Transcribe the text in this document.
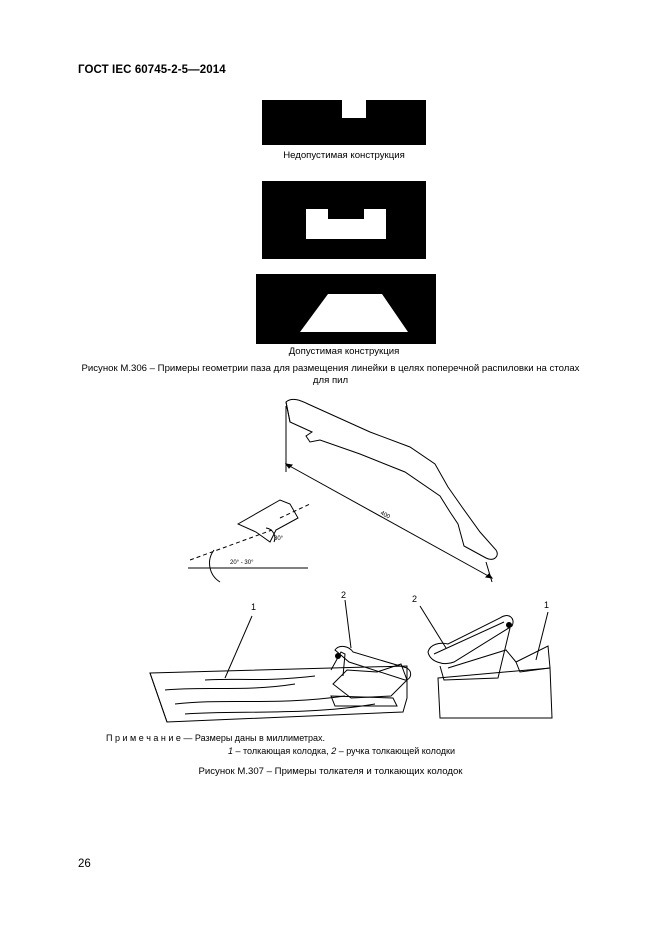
ГОСТ IEC 60745-2-5—2014
Недопустимая конструкция
Допустимая конструкция
Рисунок М.306 – Примеры геометрии паза для размещения линейки в целях поперечной распиловки на столах
для пил
400
30°
20° - 30°
1
2	2
1
П р и м е ч а н и е — Размеры даны в миллиметрах.
1 – толкающая колодка, 2 – ручка толкающей колодки
Рисунок М.307 – Примеры толкателя и толкающих колодок
26
